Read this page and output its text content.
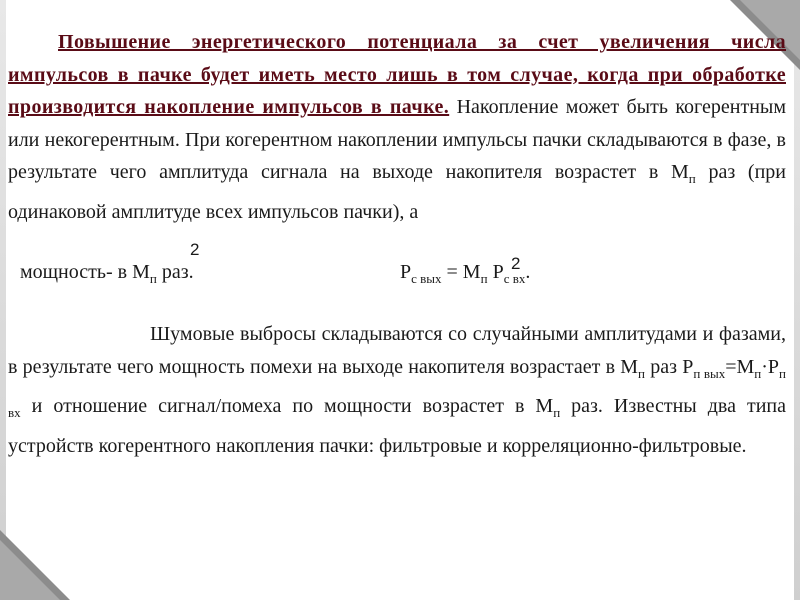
Повышение энергетического потенциала за счет увеличения числа импульсов в пачке будет иметь место лишь в том случае, когда при обработке производится накопление импульсов в пачке. Накопление может быть когерентным или некогерентным. При когерентном накоплении импульсы пачки складываются в фазе, в результате чего амплитуда сигнала на выходе накопителя возрастет в $М_п$ раз (при одинаковой амплитуде всех импульсов пачки), а

2
2
мощность- в $М_п$ раз.	$P_{с вых} = М_п$ $P_{с вх}$.

Шумовые выбросы складываются со случайными амплитудами и фазами, в результате чего мощность помехи на выходе накопителя возрастает в $М_п$ раз $Р_{п вых}=М_п\cdot Р_{п вх}$ и отношение сигнал/помеха по мощности возрастет в $М_п$ раз. Известны два типа устройств когерентного накопления пачки: фильтровые и корреляционно-фильтровые.
